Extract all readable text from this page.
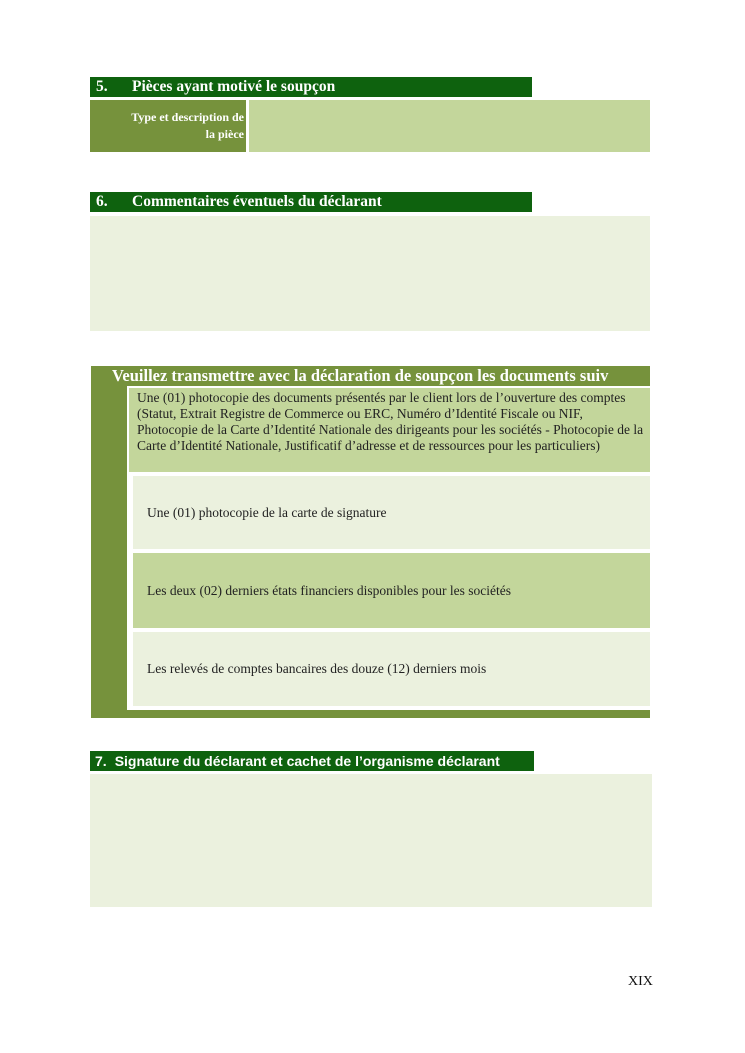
5. Pièces ayant motivé le soupçon
Type et description de
la pièce
6. Commentaires éventuels du déclarant
Veuillez transmettre avec la déclaration de soupçon les documents suiv
Une (01) photocopie des documents présentés par le client lors de l’ouverture des comptes (Statut, Extrait Registre de Commerce ou ERC, Numéro d’Identité Fiscale ou NIF, Photocopie de la Carte d’Identité Nationale des dirigeants pour les sociétés - Photocopie de la Carte d’Identité Nationale, Justificatif d’adresse et de ressources pour les particuliers)
Une (01) photocopie de la carte de signature
Les deux (02) derniers états financiers disponibles pour les sociétés
Les relevés de comptes bancaires des douze (12) derniers mois
7. Signature du déclarant et cachet de l’organisme déclarant
XIX
